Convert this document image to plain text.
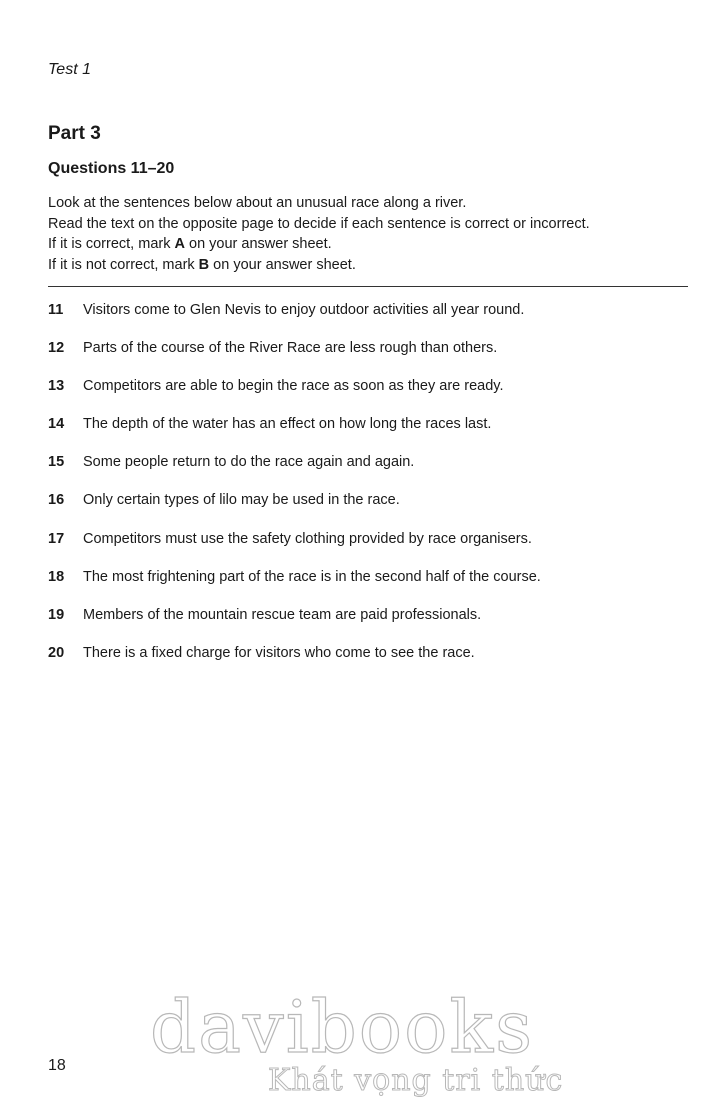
Test 1
Part 3
Questions 11–20

Look at the sentences below about an unusual race along a river.

Read the text on the opposite page to decide if each sentence is correct or incorrect.

If it is correct, mark A on your answer sheet.

If it is not correct, mark B on your answer sheet.

11	Visitors come to Glen Nevis to enjoy outdoor activities all year round.
12	Parts of the course of the River Race are less rough than others.
13	Competitors are able to begin the race as soon as they are ready.
14	The depth of the water has an effect on how long the races last.
15	Some people return to do the race again and again.
16	Only certain types of lilo may be used in the race.
17	Competitors must use the safety clothing provided by race organisers.
18	The most frightening part of the race is in the second half of the course.
19	Members of the mountain rescue team are paid professionals.
20	There is a fixed charge for visitors who come to see the race.
18 davibooks
Khát vọng tri thức
